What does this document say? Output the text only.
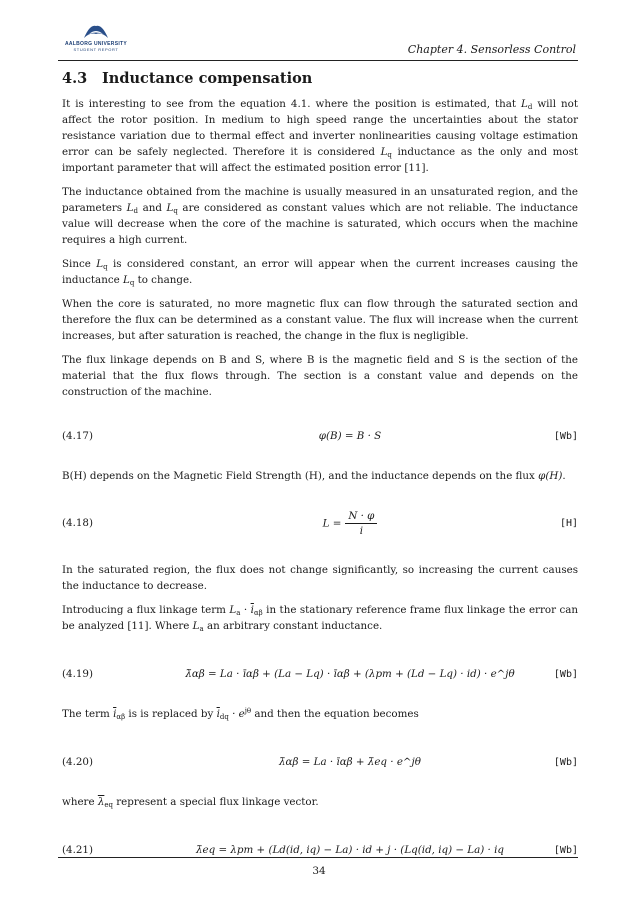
AALBORG UNIVERSITY
STUDENT REPORT	Chapter 4. Sensorless Control
4.3	Inductance compensation

It is interesting to see from the equation 4.1. where the position is estimated, that $L_d$ will not affect the rotor position. In medium to high speed range the uncertainties about the stator resistance variation due to thermal effect and inverter nonlinearities causing voltage estimation error can be safely neglected. Therefore it is considered $L_q$ inductance as the only and most important parameter that will affect the estimated position error [11].

The inductance obtained from the machine is usually measured in an unsaturated region, and the parameters $L_d$ and $L_q$ are considered as constant values which are not reliable. The inductance value will decrease when the core of the machine is saturated, which occurs when the machine requires a high current.

Since $L_q$ is considered constant, an error will appear when the current increases causing the inductance $L_q$ to change.

When the core is saturated, no more magnetic flux can flow through the saturated section and therefore the flux can be determined as a constant value. The flux will increase when the current increases, but after saturation is reached, the change in the flux is negligible.

The flux linkage depends on B and S, where B is the magnetic field and S is the section of the material that the flux flows through. The section is a constant value and depends on the construction of the machine.

(4.17)	φ(B) = B · S	[Wb]

B(H) depends on the Magnetic Field Strength (H), and the inductance depends on the flux φ(H).

(4.18)	$L = \frac{N \cdot \varphi}{i}$	[H]

In the saturated region, the flux does not change significantly, so increasing the current causes the inductance to decrease.

Introducing a flux linkage term $L_a \cdot \overline{i}_{\alpha\beta}$ in the stationary reference frame flux linkage the error can be analyzed [11]. Where $L_a$ an arbitrary constant inductance.

(4.19)	λ̄αβ = La · īαβ + (La − Lq) · īαβ + (λpm + (Ld − Lq) · id) · e^jθ	[Wb]

The term $\overline{i}_{\alpha\beta}$ is is replaced by $\overline{i}_{dq} \cdot e^{j\theta}$ and then the equation becomes

(4.20)	λ̄αβ = La · īαβ + λ̄eq · e^jθ	[Wb]

where $\overline{\lambda}_{eq}$ represent a special flux linkage vector.

(4.21)	λ̄eq = λpm + (Ld(id, iq) − La) · id + j · (Lq(id, iq) − La) · iq	[Wb]
34
